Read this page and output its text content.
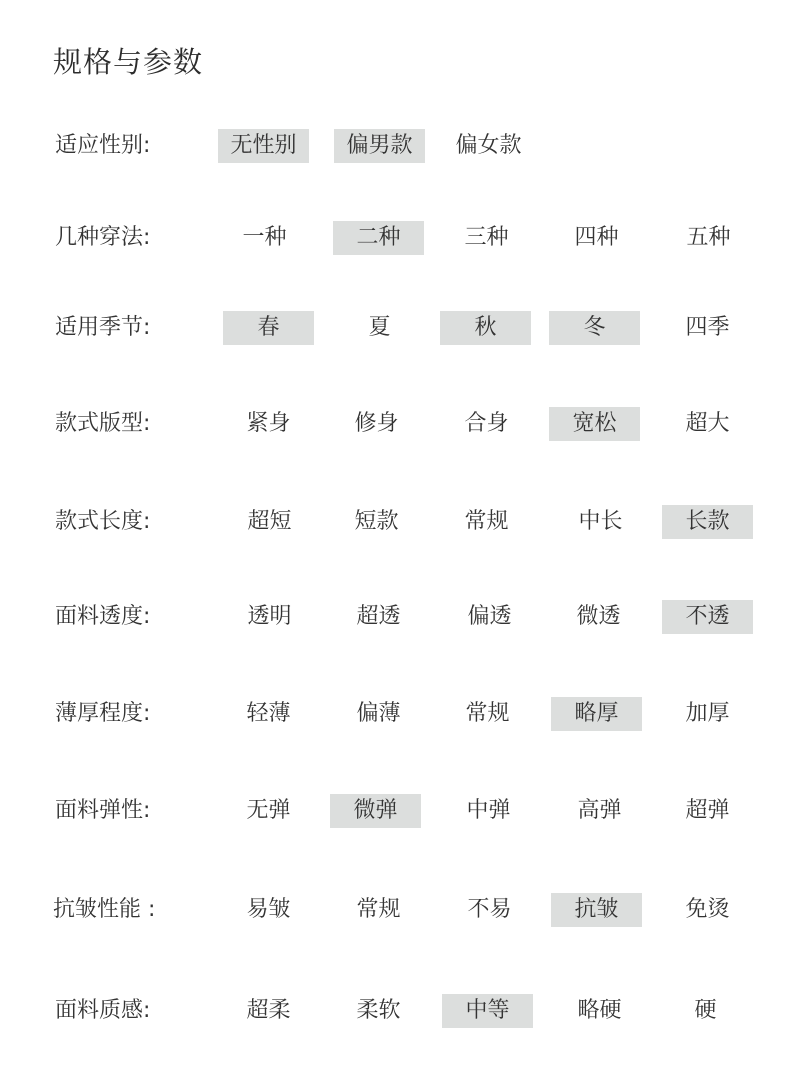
规格与参数
适应性别:	无性别	偏男款	偏女款
几种穿法:	一种	二种	三种	四种	五种
适用季节:	春	夏	秋	冬	四季
款式版型:	紧身	修身	合身	宽松	超大
款式长度:	超短	短款	常规	中长	长款
面料透度:	透明	超透	偏透	微透	不透
薄厚程度:	轻薄	偏薄	常规	略厚	加厚
面料弹性:	无弹	微弹	中弹	高弹	超弹
抗皱性能 :	易皱	常规	不易	抗皱	免烫
面料质感:	超柔	柔软	中等	略硬	硬
